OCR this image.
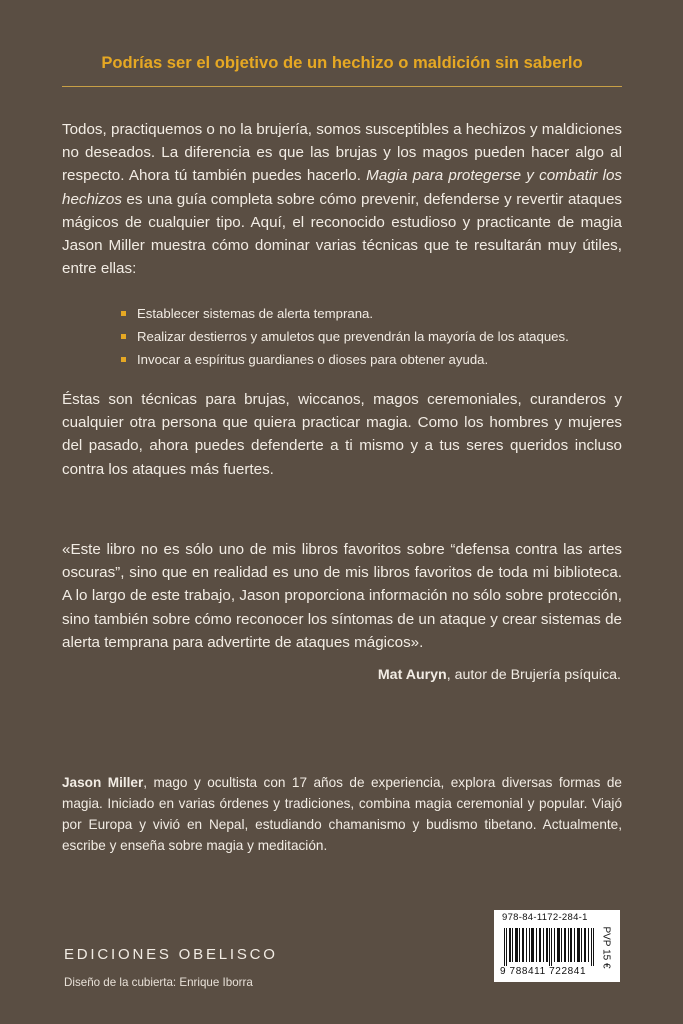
Podrías ser el objetivo de un hechizo o maldición sin saberlo

Todos, practiquemos o no la brujería, somos susceptibles a hechizos y maldiciones no deseados. La diferencia es que las brujas y los magos pueden hacer algo al respecto. Ahora tú también puedes hacerlo. Magia para protegerse y combatir los hechizos es una guía completa sobre cómo prevenir, defenderse y revertir ataques mágicos de cualquier tipo. Aquí, el reconocido estudioso y practicante de magia Jason Miller muestra cómo dominar varias técnicas que te resultarán muy útiles, entre ellas:

Establecer sistemas de alerta temprana.
Realizar destierros y amuletos que prevendrán la mayoría de los ataques.
Invocar a espíritus guardianes o dioses para obtener ayuda.

Éstas son técnicas para brujas, wiccanos, magos ceremoniales, curanderos y cualquier otra persona que quiera practicar magia. Como los hombres y mujeres del pasado, ahora puedes defenderte a ti mismo y a tus seres queridos incluso contra los ataques más fuertes.

«Este libro no es sólo uno de mis libros favoritos sobre “defensa contra las artes oscuras”, sino que en realidad es uno de mis libros favoritos de toda mi biblioteca. A lo largo de este trabajo, Jason proporciona información no sólo sobre protección, sino también sobre cómo reconocer los síntomas de un ataque y crear sistemas de alerta temprana para advertirte de ataques mágicos».

Mat Auryn, autor de Brujería psíquica.

Jason Miller, mago y ocultista con 17 años de experiencia, explora diversas formas de magia. Iniciado en varias órdenes y tradiciones, combina magia ceremonial y popular. Viajó por Europa y vivió en Nepal, estudiando chamanismo y budismo tibetano. Actualmente, escribe y enseña sobre magia y meditación.

EDICIONES OBELISCO
Diseño de la cubierta: Enrique Iborra
978-84-1172-284-1
9 788411 722841
PVP 15 €
